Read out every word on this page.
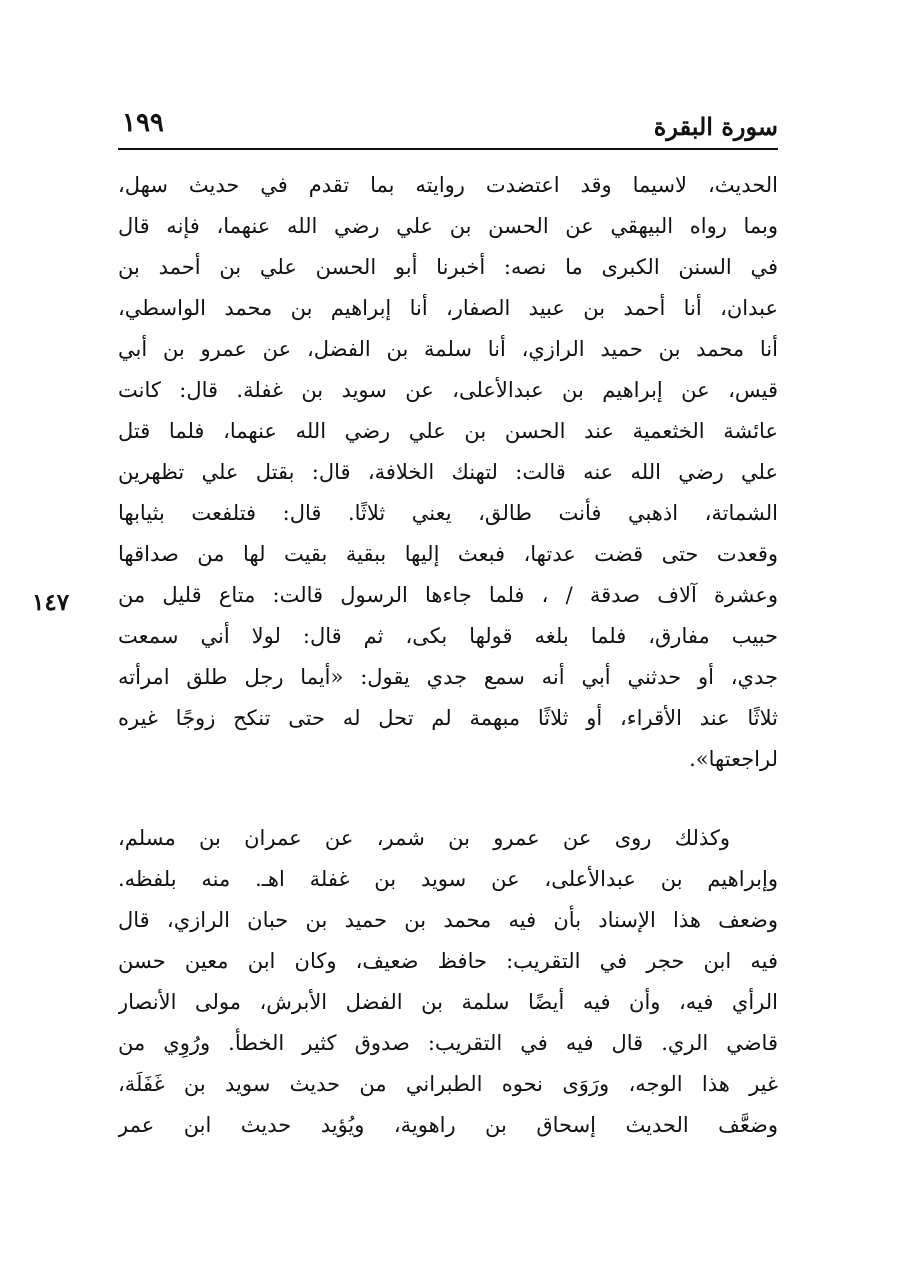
سورة البقرة
١٩٩
١٤٧
الحديث، لاسيما وقد اعتضدت روايته بما تقدم في حديث سهل،
وبما رواه البيهقي عن الحسن بن علي رضي الله عنهما، فإنه قال
في السنن الكبرى ما نصه: أخبرنا أبو الحسن علي بن أحمد بن
عبدان، أنا أحمد بن عبيد الصفار، أنا إبراهيم بن محمد الواسطي،
أنا محمد بن حميد الرازي، أنا سلمة بن الفضل، عن عمرو بن أبي
قيس، عن إبراهيم بن عبدالأعلى، عن سويد بن غفلة. قال: كانت
عائشة الخثعمية عند الحسن بن علي رضي الله عنهما، فلما قتل
علي رضي الله عنه قالت: لتهنك الخلافة، قال: بقتل علي تظهرين
الشماتة، اذهبي فأنت طالق، يعني ثلاثًا. قال: فتلفعت بثيابها
وقعدت حتى قضت عدتها، فبعث إليها ببقية بقيت لها من صداقها
وعشرة آلاف صدقة / ، فلما جاءها الرسول قالت: متاع قليل من
حبيب مفارق، فلما بلغه قولها بكى، ثم قال: لولا أني سمعت
جدي، أو حدثني أبي أنه سمع جدي يقول: «أيما رجل طلق امرأته
ثلاثًا عند الأقراء، أو ثلاثًا مبهمة لم تحل له حتى تنكح زوجًا غيره
لراجعتها».
وكذلك روى عن عمرو بن شمر، عن عمران بن مسلم،
وإبراهيم بن عبدالأعلى، عن سويد بن غفلة اهـ. منه بلفظه.
وضعف هذا الإسناد بأن فيه محمد بن حميد بن حبان الرازي، قال
فيه ابن حجر في التقريب: حافظ ضعيف، وكان ابن معين حسن
الرأي فيه، وأن فيه أيضًا سلمة بن الفضل الأبرش، مولى الأنصار
قاضي الري. قال فيه في التقريب: صدوق كثير الخطأ. ورُوِي من
غير هذا الوجه، ورَوَى نحوه الطبراني من حديث سويد بن غَفَلَة،
وضعَّف الحديث إسحاق بن راهوية، ويُؤيد حديث ابن عمر
